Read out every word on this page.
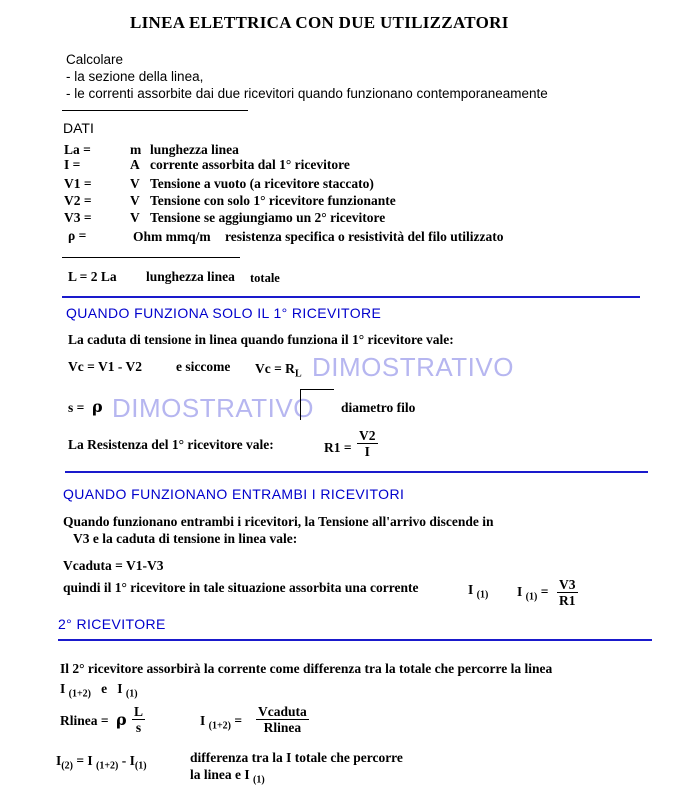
LINEA ELETTRICA CON DUE UTILIZZATORI
Calcolare
- la sezione della linea,
- le correnti assorbite dai due ricevitori quando funzionano contemporaneamente
DATI
La =	m lunghezza linea
I =	A corrente assorbita dal 1° ricevitore
V1 =	V Tensione a vuoto (a ricevitore staccato)
V2 =	V Tensione con solo 1° ricevitore funzionante
V3 =	V Tensione se aggiungiamo un 2° ricevitore
ρ =	Ohm mmq/m resistenza specifica o resistività del filo utilizzato
L = 2 La lunghezza linea totale
QUANDO FUNZIONA SOLO IL 1° RICEVITORE
La caduta di tensione in linea quando funziona il 1° ricevitore vale:
Vc = V1 - V2	e siccome $Vc = R_L$ DIMOSTRATIVO
s = ρ DIMOSTRATIVO diametro filo
La Resistenza del 1° ricevitore vale:	$R1 = \frac{V2}{I}$
QUANDO FUNZIONANO ENTRAMBI I RICEVITORI
Quando funzionano entrambi i ricevitori, la Tensione all'arrivo discende in
V3 e la caduta di tensione in linea vale:
Vcaduta = V1-V3
quindi il 1° ricevitore in tale situazione assorbita una corrente	I $_{(1)}$ I $_{(1)} = \frac{V3}{R1}$
2° RICEVITORE
Il 2° ricevitore assorbirà la corrente come differenza tra la totale che percorre la linea
I $_{(1+2)}$ e I $_{(1)}$
Rlinea = ρ $\frac{L}{s}$	I $_{(1+2)}$ =
Vcaduta
Rlinea
$I_{(2)} = I$ $_{(1+2)} - I_{(1)}$
differenza tra la I totale che percorre
la linea e I $_{(1)}$
